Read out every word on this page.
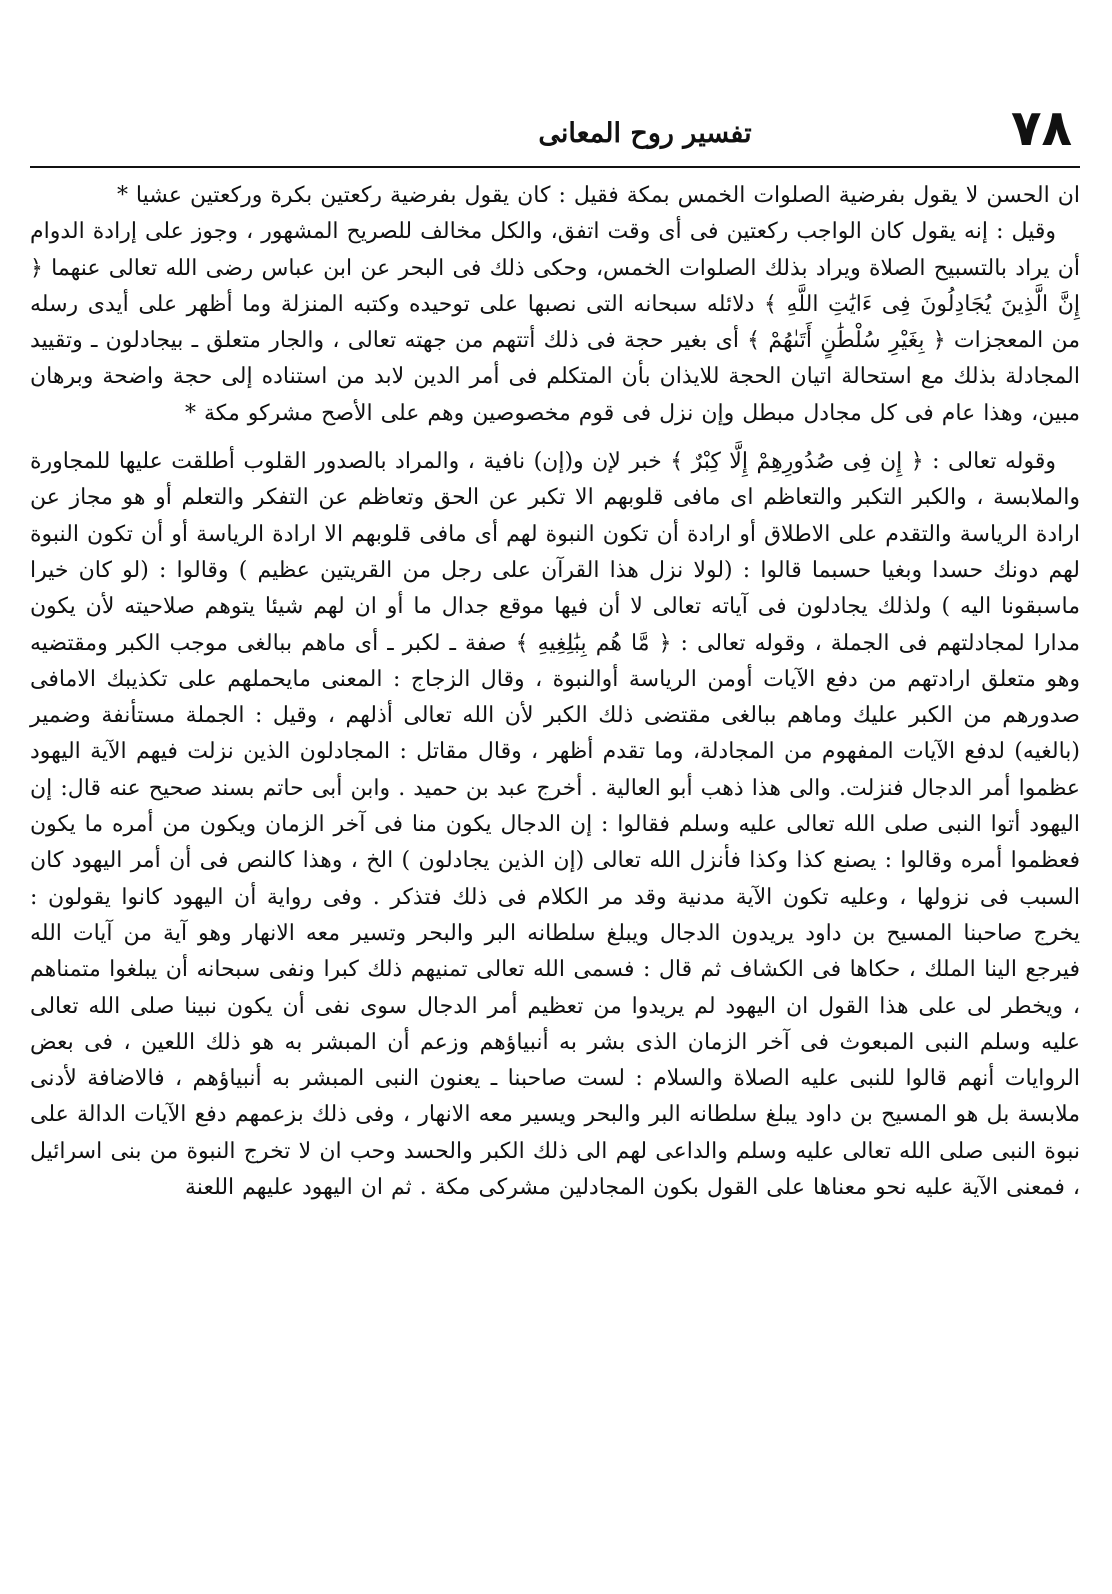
٧٨
تفسير روح المعانى

ان الحسن لا يقول بفرضية الصلوات الخمس بمكة فقيل : كان يقول بفرضية ركعتين بكرة وركعتين عشيا *

وقيل : إنه يقول كان الواجب ركعتين فى أى وقت اتفق، والكل مخالف للصريح المشهور ، وجوز على إرادة الدوام أن يراد بالتسبيح الصلاة ويراد بذلك الصلوات الخمس، وحكى ذلك فى البحر عن ابن عباس رضى الله تعالى عنهما ﴿ إِنَّ الَّذِينَ يُجَادِلُونَ فِى ءَايَٰتِ اللَّهِ ﴾ دلائله سبحانه التى نصبها على توحيده وكتبه المنزلة وما أظهر على أيدى رسله من المعجزات ﴿ بِغَيْرِ سُلْطَٰنٍ أَتَىٰهُمْ ﴾ أى بغير حجة فى ذلك أتتهم من جهته تعالى ، والجار متعلق ـ بيجادلون ـ وتقييد المجادلة بذلك مع استحالة اتيان الحجة للايذان بأن المتكلم فى أمر الدين لابد من استناده إلى حجة واضحة وبرهان مبين، وهذا عام فى كل مجادل مبطل وإن نزل فى قوم مخصوصين وهم على الأصح مشركو مكة *

وقوله تعالى : ﴿ إِن فِى صُدُورِهِمْ إِلَّا كِبْرٌ ﴾ خبر لإن و(إن) نافية ، والمراد بالصدور القلوب أطلقت عليها للمجاورة والملابسة ، والكبر التكبر والتعاظم اى مافى قلوبهم الا تكبر عن الحق وتعاظم عن التفكر والتعلم أو هو مجاز عن ارادة الرياسة والتقدم على الاطلاق أو ارادة أن تكون النبوة لهم أى مافى قلوبهم الا ارادة الرياسة أو أن تكون النبوة لهم دونك حسدا وبغيا حسبما قالوا : (لولا نزل هذا القرآن على رجل من القريتين عظيم ) وقالوا : (لو كان خيرا ماسبقونا اليه ) ولذلك يجادلون فى آياته تعالى لا أن فيها موقع جدال ما أو ان لهم شيئا يتوهم صلاحيته لأن يكون مدارا لمجادلتهم فى الجملة ، وقوله تعالى : ﴿ مَّا هُم بِبَٰلِغِيهِ ﴾ صفة ـ لكبر ـ أى ماهم ببالغى موجب الكبر ومقتضيه وهو متعلق ارادتهم من دفع الآيات أومن الرياسة أوالنبوة ، وقال الزجاج : المعنى مايحملهم على تكذيبك الامافى صدورهم من الكبر عليك وماهم ببالغى مقتضى ذلك الكبر لأن الله تعالى أذلهم ، وقيل : الجملة مستأنفة وضمير (بالغيه) لدفع الآيات المفهوم من المجادلة، وما تقدم أظهر ، وقال مقاتل : المجادلون الذين نزلت فيهم الآية اليهود عظموا أمر الدجال فنزلت. والى هذا ذهب أبو العالية . أخرج عبد بن حميد . وابن أبى حاتم بسند صحيح عنه قال: إن اليهود أتوا النبى صلى الله تعالى عليه وسلم فقالوا : إن الدجال يكون منا فى آخر الزمان ويكون من أمره ما يكون فعظموا أمره وقالوا : يصنع كذا وكذا فأنزل الله تعالى (إن الذين يجادلون ) الخ ، وهذا كالنص فى أن أمر اليهود كان السبب فى نزولها ، وعليه تكون الآية مدنية وقد مر الكلام فى ذلك فتذكر . وفى رواية أن اليهود كانوا يقولون : يخرج صاحبنا المسيح بن داود يريدون الدجال ويبلغ سلطانه البر والبحر وتسير معه الانهار وهو آية من آيات الله فيرجع الينا الملك ، حكاها فى الكشاف ثم قال : فسمى الله تعالى تمنيهم ذلك كبرا ونفى سبحانه أن يبلغوا متمناهم ، ويخطر لى على هذا القول ان اليهود لم يريدوا من تعظيم أمر الدجال سوى نفى أن يكون نبينا صلى الله تعالى عليه وسلم النبى المبعوث فى آخر الزمان الذى بشر به أنبياؤهم وزعم أن المبشر به هو ذلك اللعين ، فى بعض الروايات أنهم قالوا للنبى عليه الصلاة والسلام : لست صاحبنا ـ يعنون النبى المبشر به أنبياؤهم ، فالاضافة لأدنى ملابسة بل هو المسيح بن داود يبلغ سلطانه البر والبحر ويسير معه الانهار ، وفى ذلك بزعمهم دفع الآيات الدالة على نبوة النبى صلى الله تعالى عليه وسلم والداعى لهم الى ذلك الكبر والحسد وحب ان لا تخرج النبوة من بنى اسرائيل ، فمعنى الآية عليه نحو معناها على القول بكون المجادلين مشركى مكة . ثم ان اليهود عليهم اللعنة
